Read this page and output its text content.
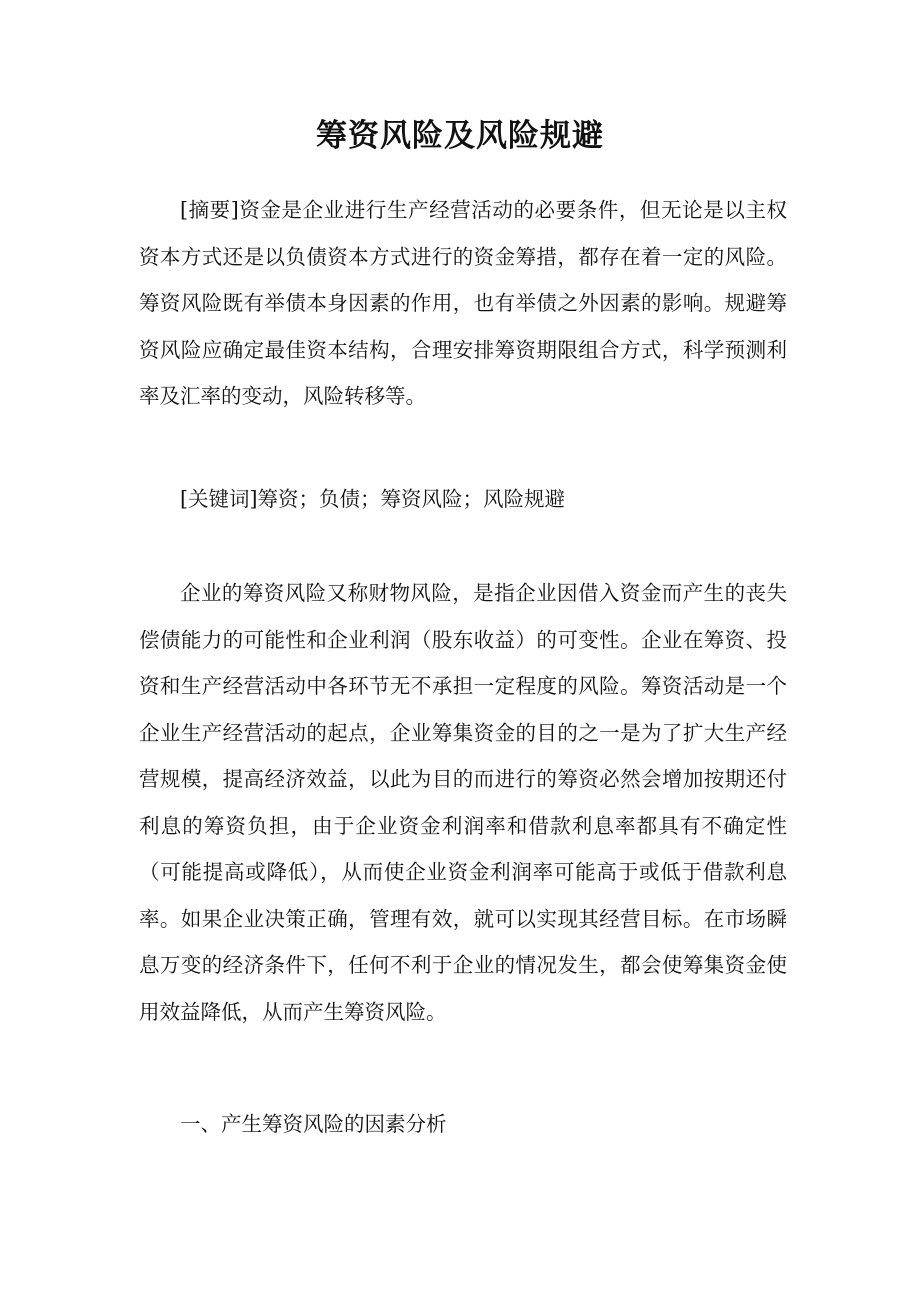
筹资风险及风险规避

[摘要]资金是企业进行生产经营活动的必要条件，但无论是以主权资本方式还是以负债资本方式进行的资金筹措，都存在着一定的风险。筹资风险既有举债本身因素的作用，也有举债之外因素的影响。规避筹资风险应确定最佳资本结构，合理安排筹资期限组合方式，科学预测利率及汇率的变动，风险转移等。

[关键词]筹资；负债；筹资风险；风险规避

企业的筹资风险又称财物风险，是指企业因借入资金而产生的丧失偿债能力的可能性和企业利润（股东收益）的可变性。企业在筹资、投资和生产经营活动中各环节无不承担一定程度的风险。筹资活动是一个企业生产经营活动的起点，企业筹集资金的目的之一是为了扩大生产经营规模，提高经济效益，以此为目的而进行的筹资必然会增加按期还付利息的筹资负担，由于企业资金利润率和借款利息率都具有不确定性（可能提高或降低），从而使企业资金利润率可能高于或低于借款利息率。如果企业决策正确，管理有效，就可以实现其经营目标。在市场瞬息万变的经济条件下，任何不利于企业的情况发生，都会使筹集资金使用效益降低，从而产生筹资风险。

一、产生筹资风险的因素分析
